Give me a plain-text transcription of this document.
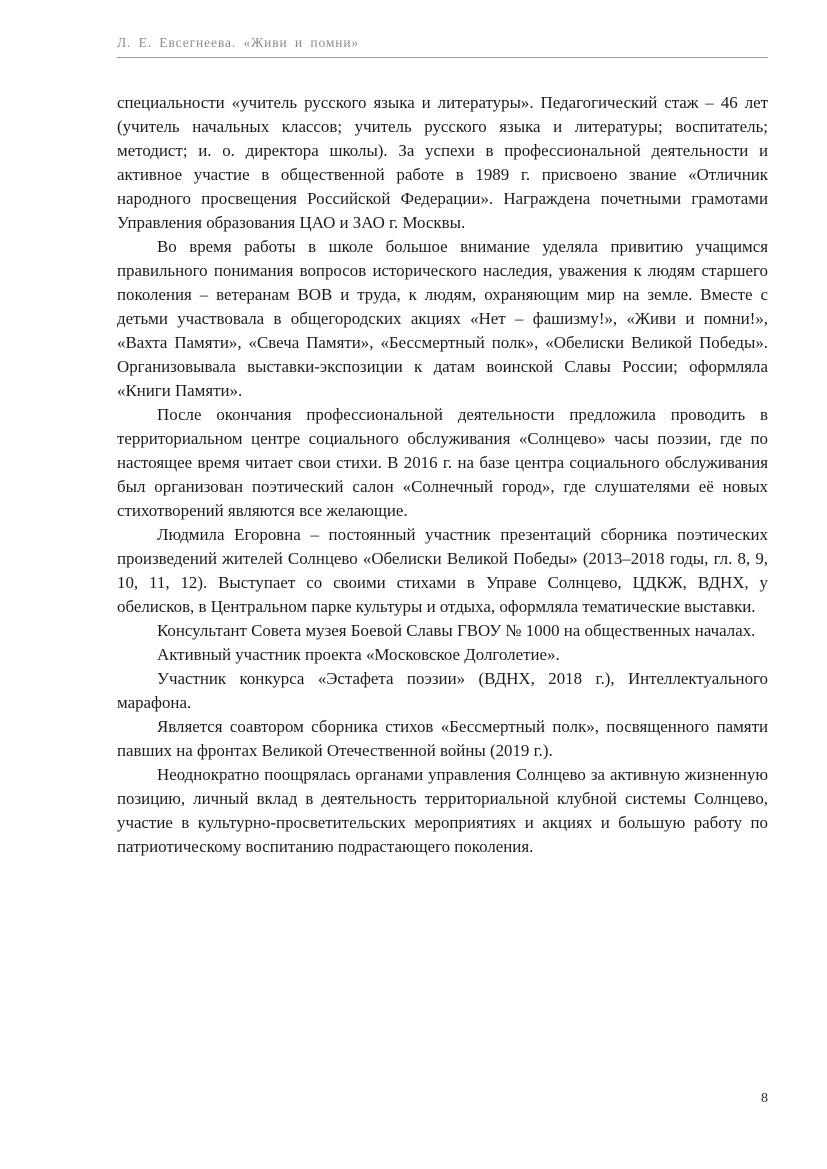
Л. Е. Евсегнеева. «Живи и помни»

специальности «учитель русского языка и литературы». Педагогический стаж – 46 лет (учитель начальных классов; учитель русского языка и литературы; воспитатель; методист; и. о. директора школы). За успехи в профессиональной деятельности и активное участие в общественной работе в 1989 г. присвоено звание «Отличник народного просвещения Российской Федерации». Награждена почетными грамотами Управления образования ЦАО и ЗАО г. Москвы.

Во время работы в школе большое внимание уделяла привитию учащимся правильного понимания вопросов исторического наследия, уважения к людям старшего поколения – ветеранам ВОВ и труда, к людям, охраняющим мир на земле. Вместе с детьми участвовала в общегородских акциях «Нет – фашизму!», «Живи и помни!», «Вахта Памяти», «Свеча Памяти», «Бессмертный полк», «Обелиски Великой Победы». Организовывала выставки-экспозиции к датам воинской Славы России; оформляла «Книги Памяти».

После окончания профессиональной деятельности предложила проводить в территориальном центре социального обслуживания «Солнцево» часы поэзии, где по настоящее время читает свои стихи. В 2016 г. на базе центра социального обслуживания был организован поэтический салон «Солнечный город», где слушателями её новых стихотворений являются все желающие.

Людмила Егоровна – постоянный участник презентаций сборника поэтических произведений жителей Солнцево «Обелиски Великой Победы» (2013–2018 годы, гл. 8, 9, 10, 11, 12). Выступает со своими стихами в Управе Солнцево, ЦДКЖ, ВДНХ, у обелисков, в Центральном парке культуры и отдыха, оформляла тематические выставки.

Консультант Совета музея Боевой Славы ГВОУ № 1000 на общественных началах.

Активный участник проекта «Московское Долголетие».

Участник конкурса «Эстафета поэзии» (ВДНХ, 2018 г.), Интеллектуального марафона.

Является соавтором сборника стихов «Бессмертный полк», посвященного памяти павших на фронтах Великой Отечественной войны (2019 г.).

Неоднократно поощрялась органами управления Солнцево за активную жизненную позицию, личный вклад в деятельность территориальной клубной системы Солнцево, участие в культурно-просветительских мероприятиях и акциях и большую работу по патриотическому воспитанию подрастающего поколения.

8
